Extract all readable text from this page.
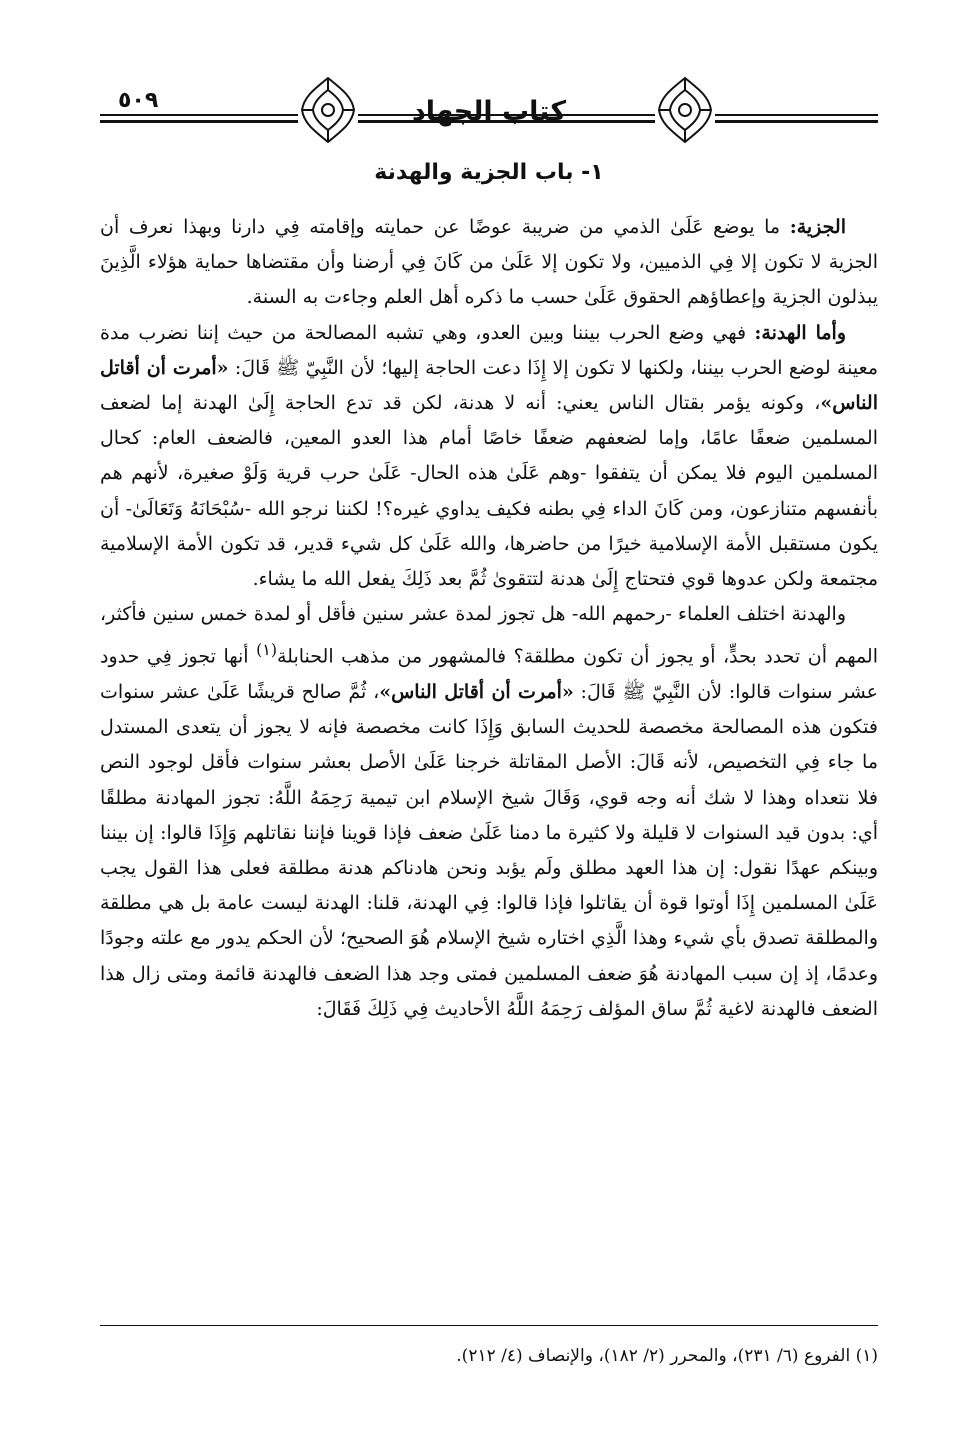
٥٠٩	كتاب الجهاد
١- باب الجزية والهدنة

الجزية: ما يوضع عَلَىٰ الذمي من ضريبة عوضًا عن حمايته وإقامته فِي دارنا وبهذا نعرف أن الجزية لا تكون إلا فِي الذميين، ولا تكون إلا عَلَىٰ من كَانَ فِي أرضنا وأن مقتضاها حماية هؤلاء الَّذِينَ يبذلون الجزية وإعطاؤهم الحقوق عَلَىٰ حسب ما ذكره أهل العلم وجاءت به السنة.

وأما الهدنة: فهي وضع الحرب بيننا وبين العدو، وهي تشبه المصالحة من حيث إننا نضرب مدة معينة لوضع الحرب بيننا، ولكنها لا تكون إلا إِذَا دعت الحاجة إليها؛ لأن النَّبِيّ ﷺ قَالَ: «أمرت أن أقاتل الناس»، وكونه يؤمر بقتال الناس يعني: أنه لا هدنة، لكن قد تدع الحاجة إِلَىٰ الهدنة إما لضعف المسلمين ضعفًا عامًا، وإما لضعفهم ضعفًا خاصًا أمام هذا العدو المعين، فالضعف العام: كحال المسلمين اليوم فلا يمكن أن يتفقوا -وهم عَلَىٰ هذه الحال- عَلَىٰ حرب قرية وَلَوْ صغيرة، لأنهم هم بأنفسهم متنازعون، ومن كَانَ الداء فِي بطنه فكيف يداوي غيره؟! لكننا نرجو الله -سُبْحَانَهُ وَتَعَالَىٰ- أن يكون مستقبل الأمة الإسلامية خيرًا من حاضرها، والله عَلَىٰ كل شيء قدير، قد تكون الأمة الإسلامية مجتمعة ولكن عدوها قوي فتحتاج إِلَىٰ هدنة لتتقوىٰ ثُمَّ بعد ذَلِكَ يفعل الله ما يشاء.

والهدنة اختلف العلماء -رحمهم الله- هل تجوز لمدة عشر سنين فأقل أو لمدة خمس سنين فأكثر، المهم أن تحدد بحدٍّ، أو يجوز أن تكون مطلقة؟ فالمشهور من مذهب الحنابلة$^{(١)}$ أنها تجوز فِي حدود عشر سنوات قالوا: لأن النَّبِيّ ﷺ قَالَ: «أمرت أن أقاتل الناس»، ثُمَّ صالح قريشًا عَلَىٰ عشر سنوات فتكون هذه المصالحة مخصصة للحديث السابق وَإِذَا كانت مخصصة فإنه لا يجوز أن يتعدى المستدل ما جاء فِي التخصيص، لأنه قَالَ: الأصل المقاتلة خرجنا عَلَىٰ الأصل بعشر سنوات فأقل لوجود النص فلا نتعداه وهذا لا شك أنه وجه قوي، وَقَالَ شيخ الإسلام ابن تيمية رَحِمَهُ اللَّهُ: تجوز المهادنة مطلقًا أي: بدون قيد السنوات لا قليلة ولا كثيرة ما دمنا عَلَىٰ ضعف فإذا قوينا فإننا نقاتلهم وَإِذَا قالوا: إن بيننا وبينكم عهدًا نقول: إن هذا العهد مطلق ولَم يؤبد ونحن هادناكم هدنة مطلقة فعلى هذا القول يجب عَلَىٰ المسلمين إِذَا أوتوا قوة أن يقاتلوا فإذا قالوا: فِي الهدنة، قلنا: الهدنة ليست عامة بل هي مطلقة والمطلقة تصدق بأي شيء وهذا الَّذِي اختاره شيخ الإسلام هُوَ الصحيح؛ لأن الحكم يدور مع علته وجودًا وعدمًا، إذ إن سبب المهادنة هُوَ ضعف المسلمين فمتى وجد هذا الضعف فالهدنة قائمة ومتى زال هذا الضعف فالهدنة لاغية ثُمَّ ساق المؤلف رَحِمَهُ اللَّهُ الأحاديث فِي ذَلِكَ فَقَالَ:

(١) الفروع (٦/ ٢٣١)، والمحرر (٢/ ١٨٢)، والإنصاف (٤/ ٢١٢).
